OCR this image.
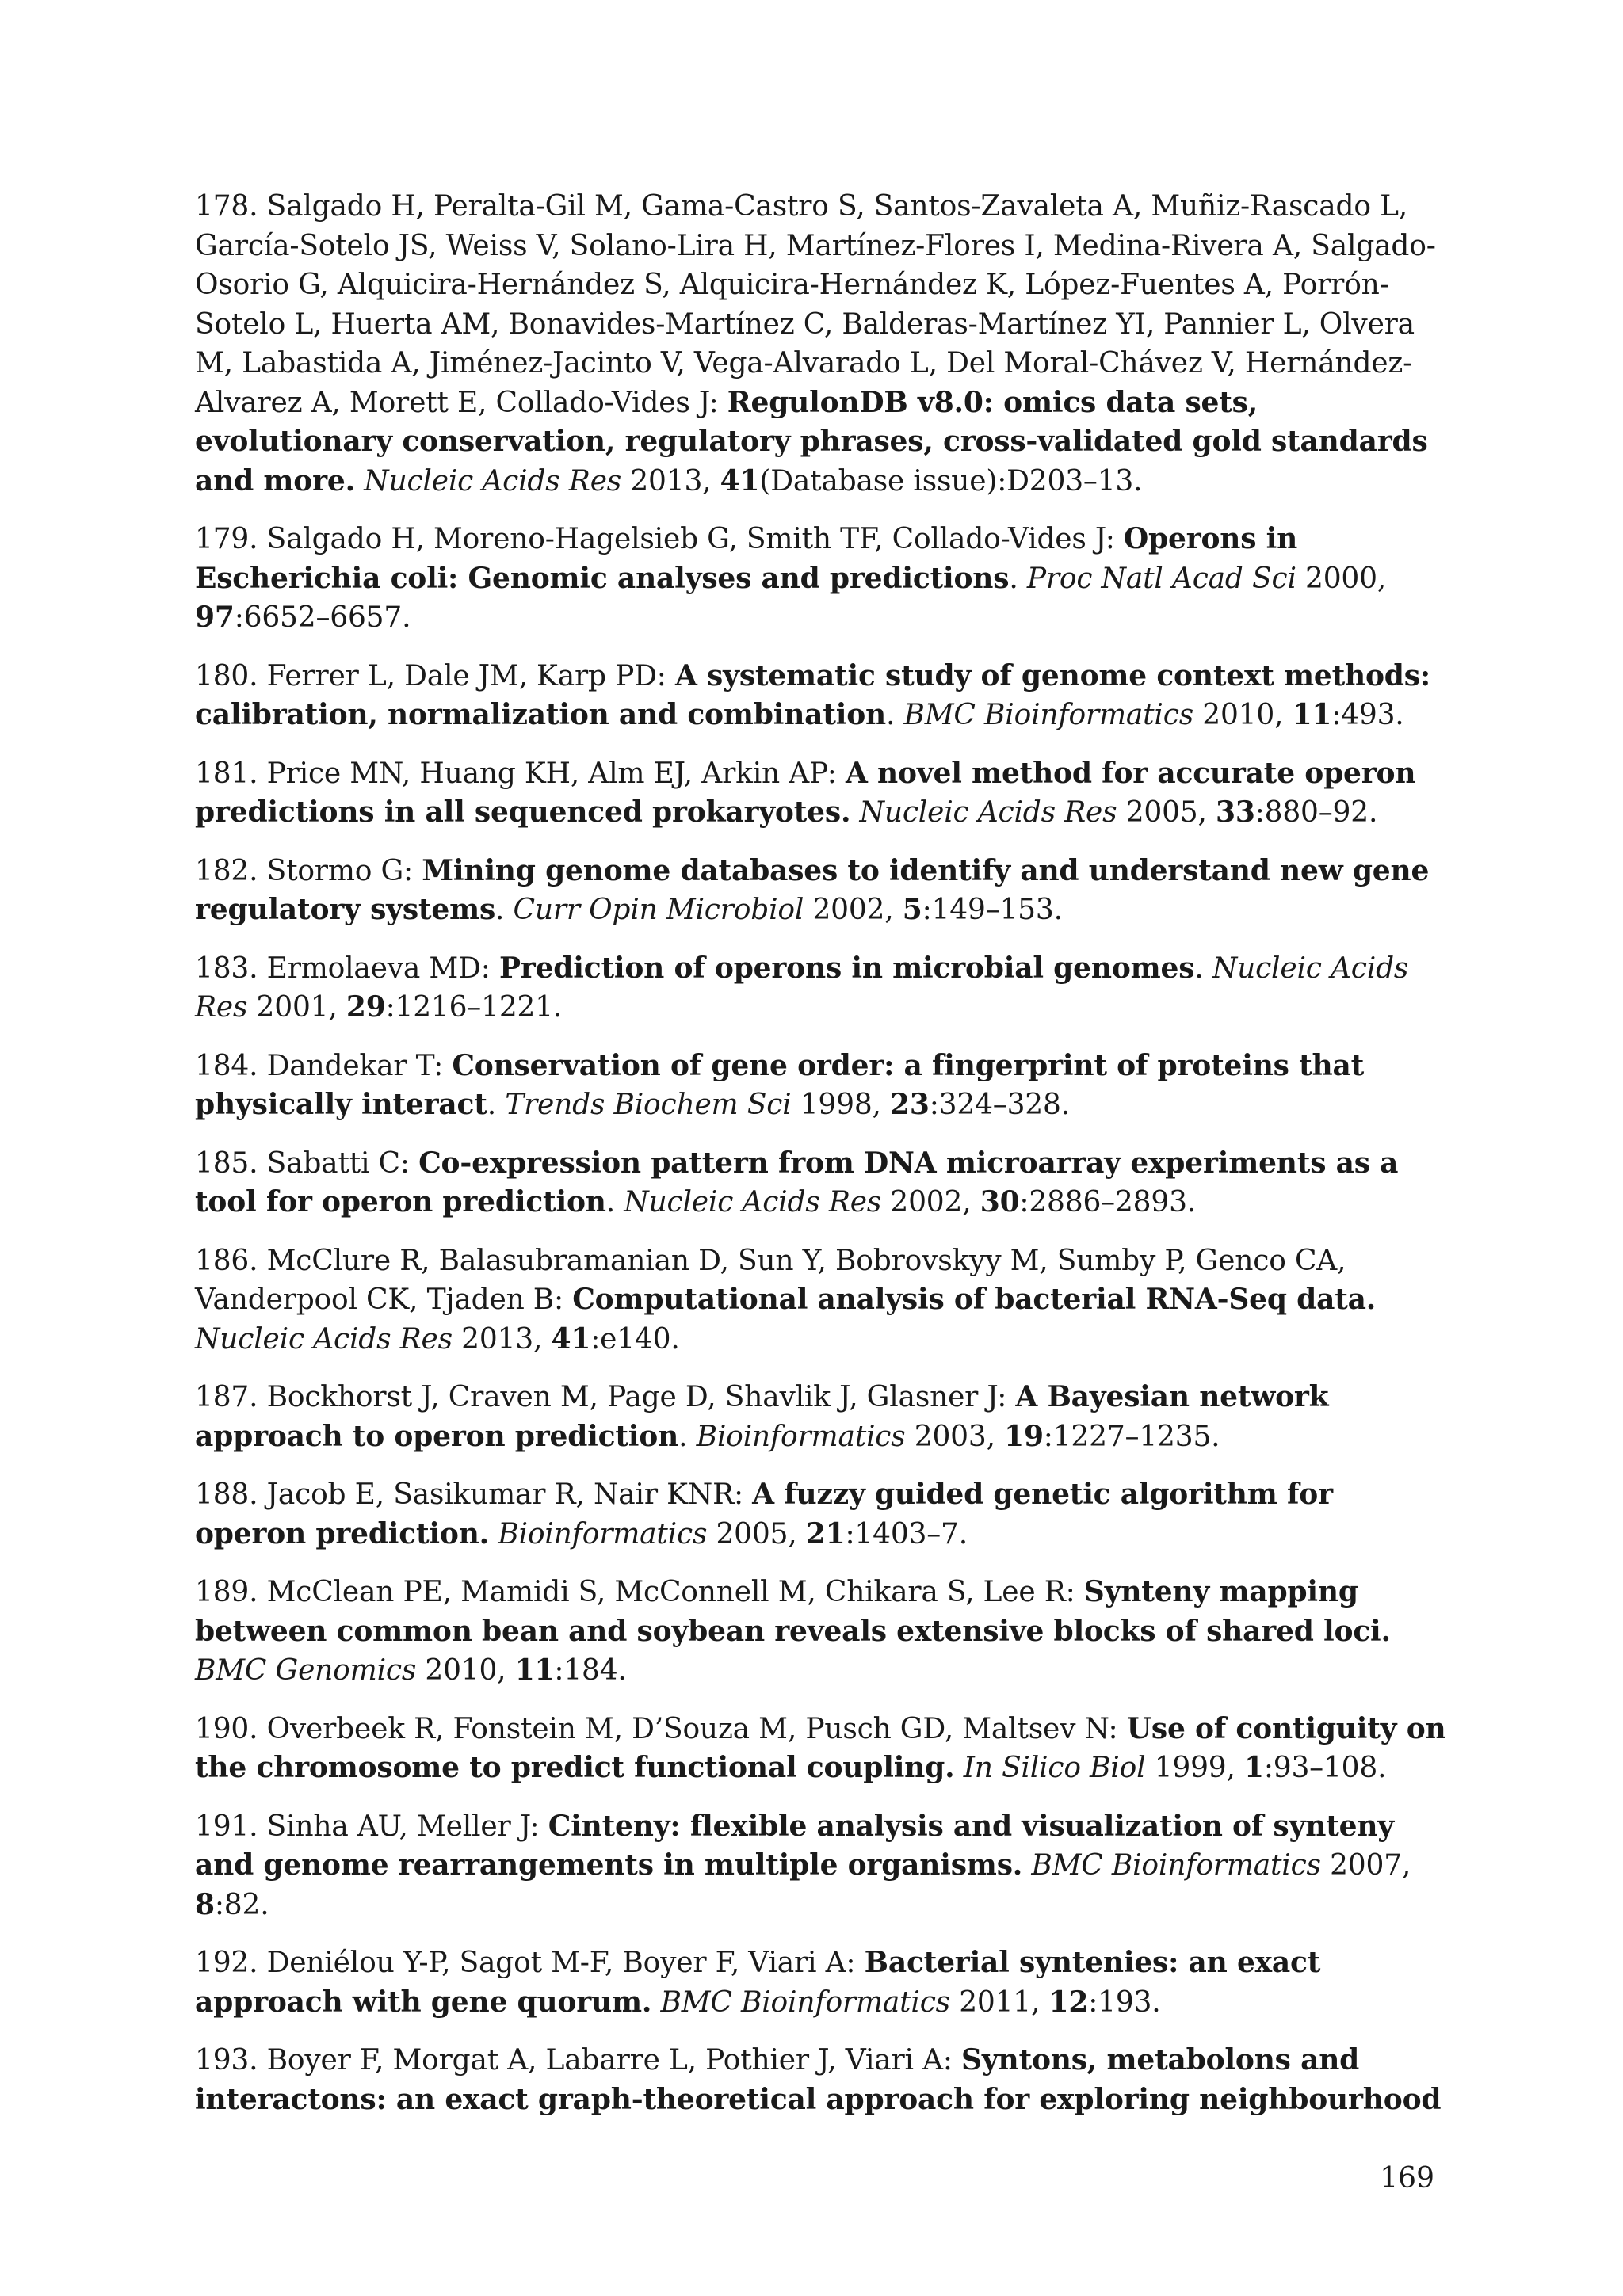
178. Salgado H, Peralta-Gil M, Gama-Castro S, Santos-Zavaleta A, Muñiz-Rascado L, García-Sotelo JS, Weiss V, Solano-Lira H, Martínez-Flores I, Medina-Rivera A, Salgado-Osorio G, Alquicira-Hernández S, Alquicira-Hernández K, López-Fuentes A, Porrón-Sotelo L, Huerta AM, Bonavides-Martínez C, Balderas-Martínez YI, Pannier L, Olvera M, Labastida A, Jiménez-Jacinto V, Vega-Alvarado L, Del Moral-Chávez V, Hernández-Alvarez A, Morett E, Collado-Vides J: RegulonDB v8.0: omics data sets, evolutionary conservation, regulatory phrases, cross-validated gold standards and more. Nucleic Acids Res 2013, 41(Database issue):D203–13.

179. Salgado H, Moreno-Hagelsieb G, Smith TF, Collado-Vides J: Operons in Escherichia coli: Genomic analyses and predictions. Proc Natl Acad Sci 2000, 97:6652–6657.

180. Ferrer L, Dale JM, Karp PD: A systematic study of genome context methods: calibration, normalization and combination. BMC Bioinformatics 2010, 11:493.

181. Price MN, Huang KH, Alm EJ, Arkin AP: A novel method for accurate operon predictions in all sequenced prokaryotes. Nucleic Acids Res 2005, 33:880–92.

182. Stormo G: Mining genome databases to identify and understand new gene regulatory systems. Curr Opin Microbiol 2002, 5:149–153.

183. Ermolaeva MD: Prediction of operons in microbial genomes. Nucleic Acids Res 2001, 29:1216–1221.

184. Dandekar T: Conservation of gene order: a fingerprint of proteins that physically interact. Trends Biochem Sci 1998, 23:324–328.

185. Sabatti C: Co-expression pattern from DNA microarray experiments as a tool for operon prediction. Nucleic Acids Res 2002, 30:2886–2893.

186. McClure R, Balasubramanian D, Sun Y, Bobrovskyy M, Sumby P, Genco CA, Vanderpool CK, Tjaden B: Computational analysis of bacterial RNA-Seq data. Nucleic Acids Res 2013, 41:e140.

187. Bockhorst J, Craven M, Page D, Shavlik J, Glasner J: A Bayesian network approach to operon prediction. Bioinformatics 2003, 19:1227–1235.

188. Jacob E, Sasikumar R, Nair KNR: A fuzzy guided genetic algorithm for operon prediction. Bioinformatics 2005, 21:1403–7.

189. McClean PE, Mamidi S, McConnell M, Chikara S, Lee R: Synteny mapping between common bean and soybean reveals extensive blocks of shared loci. BMC Genomics 2010, 11:184.

190. Overbeek R, Fonstein M, D’Souza M, Pusch GD, Maltsev N: Use of contiguity on the chromosome to predict functional coupling. In Silico Biol 1999, 1:93–108.

191. Sinha AU, Meller J: Cinteny: flexible analysis and visualization of synteny and genome rearrangements in multiple organisms. BMC Bioinformatics 2007, 8:82.

192. Deniélou Y-P, Sagot M-F, Boyer F, Viari A: Bacterial syntenies: an exact approach with gene quorum. BMC Bioinformatics 2011, 12:193.

193. Boyer F, Morgat A, Labarre L, Pothier J, Viari A: Syntons, metabolons and interactons: an exact graph-theoretical approach for exploring neighbourhood

169
